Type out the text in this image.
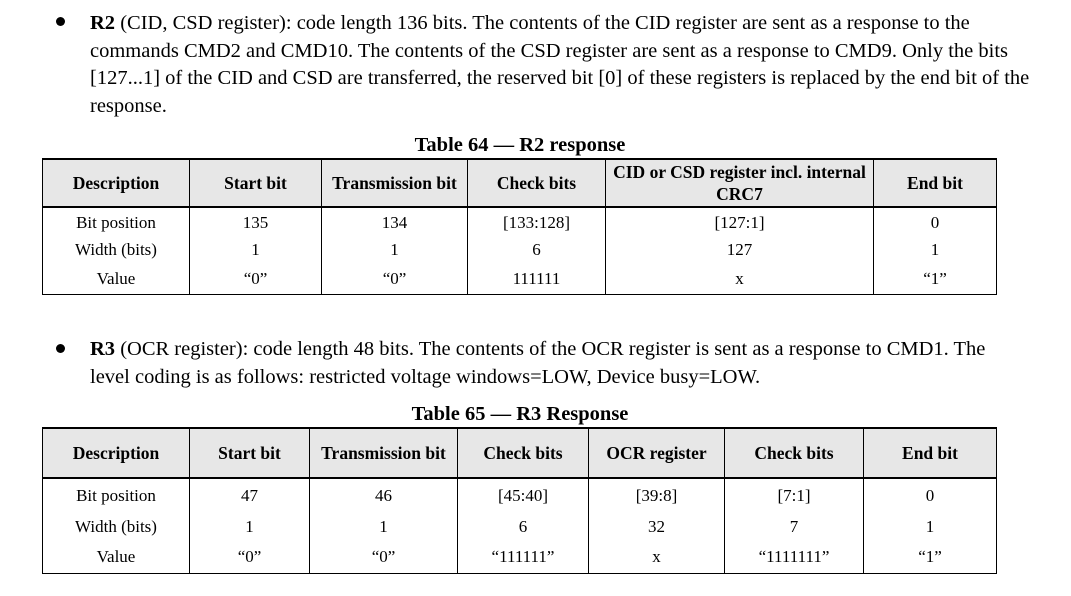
R2 (CID, CSD register): code length 136 bits. The contents of the CID register are sent as a response to the commands CMD2 and CMD10. The contents of the CSD register are sent as a response to CMD9. Only the bits [127...1] of the CID and CSD are transferred, the reserved bit [0] of these registers is replaced by the end bit of the response.
Table 64 — R2 response
Description	Start bit	Transmission bit	Check bits	CID or CSD register incl. internal CRC7	End bit
Bit position	135	134	[133:128]	[127:1]	0
Width (bits)	1	1	6	127	1
Value	“0”	“0”	111111	x	“1”
R3 (OCR register): code length 48 bits. The contents of the OCR register is sent as a response to CMD1. The level coding is as follows: restricted voltage windows=LOW, Device busy=LOW.
Table 65 — R3 Response
Description	Start bit	Transmission bit	Check bits	OCR register	Check bits	End bit
Bit position	47	46	[45:40]	[39:8]	[7:1]	0
Width (bits)	1	1	6	32	7	1
Value	“0”	“0”	“111111”	x	“1111111”	“1”
